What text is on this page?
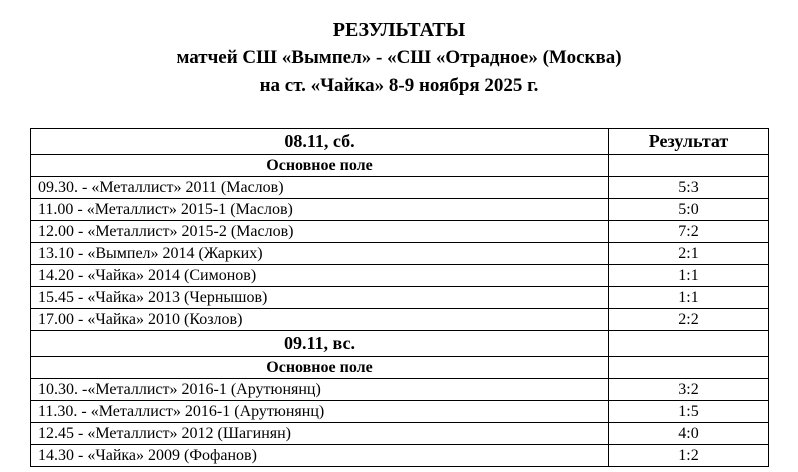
РЕЗУЛЬТАТЫ
матчей СШ «Вымпел» - «СШ «Отрадное» (Москва)
на ст. «Чайка» 8-9 ноября 2025 г.
08.11, сб.	Результат
Основное поле	
09.30. - «Металлист» 2011 (Маслов)	5:3
11.00 - «Металлист» 2015-1 (Маслов)	5:0
12.00 - «Металлист» 2015-2 (Маслов)	7:2
13.10 - «Вымпел» 2014 (Жарких)	2:1
14.20 - «Чайка» 2014 (Симонов)	1:1
15.45 - «Чайка» 2013 (Чернышов)	1:1
17.00 - «Чайка» 2010 (Козлов)	2:2
09.11, вс.	
Основное поле	
10.30. -«Металлист» 2016-1 (Арутюнянц)	3:2
11.30. - «Металлист» 2016-1 (Арутюнянц)	1:5
12.45 - «Металлист» 2012 (Шагинян)	4:0
14.30 - «Чайка» 2009 (Фофанов)	1:2
